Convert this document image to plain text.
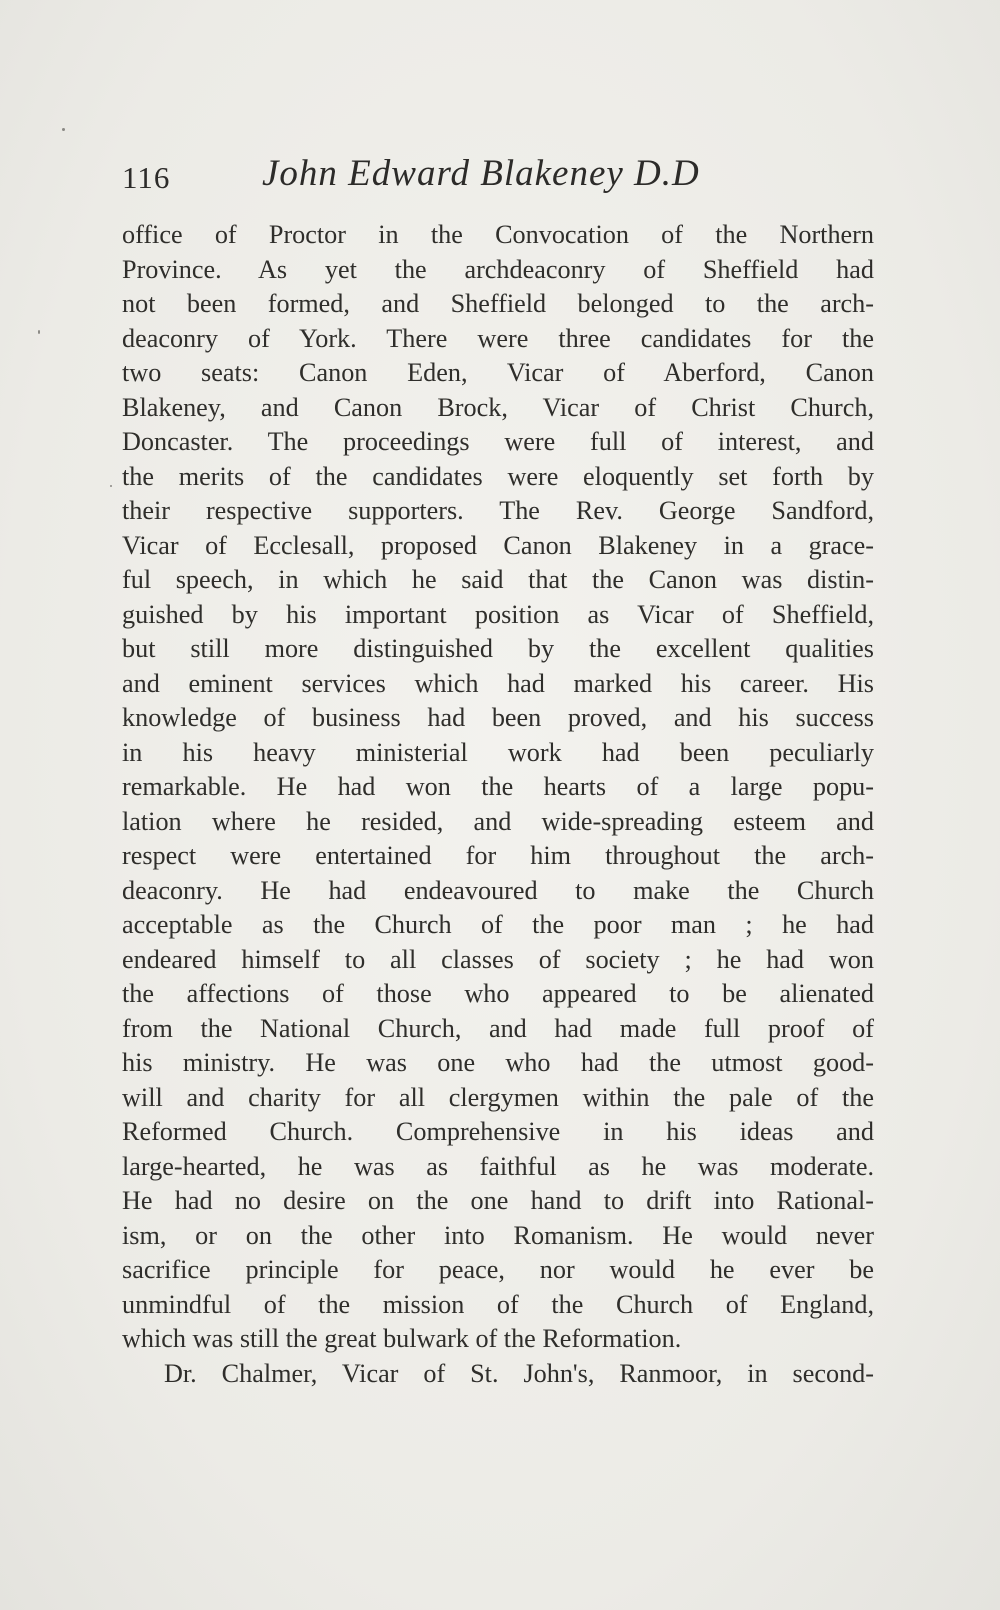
116 John Edward Blakeney D.D
office of Proctor in the Convocation of the Northern
Province. As yet the archdeaconry of Sheffield had
not been formed, and Sheffield belonged to the arch-
deaconry of York. There were three candidates for the
two seats: Canon Eden, Vicar of Aberford, Canon
Blakeney, and Canon Brock, Vicar of Christ Church,
Doncaster. The proceedings were full of interest, and
the merits of the candidates were eloquently set forth by
their respective supporters. The Rev. George Sandford,
Vicar of Ecclesall, proposed Canon Blakeney in a grace-
ful speech, in which he said that the Canon was distin-
guished by his important position as Vicar of Sheffield,
but still more distinguished by the excellent qualities
and eminent services which had marked his career. His
knowledge of business had been proved, and his success
in his heavy ministerial work had been peculiarly
remarkable. He had won the hearts of a large popu-
lation where he resided, and wide-spreading esteem and
respect were entertained for him throughout the arch-
deaconry. He had endeavoured to make the Church
acceptable as the Church of the poor man ; he had
endeared himself to all classes of society ; he had won
the affections of those who appeared to be alienated
from the National Church, and had made full proof of
his ministry. He was one who had the utmost good-
will and charity for all clergymen within the pale of the
Reformed Church. Comprehensive in his ideas and
large-hearted, he was as faithful as he was moderate.
He had no desire on the one hand to drift into Rational-
ism, or on the other into Romanism. He would never
sacrifice principle for peace, nor would he ever be
unmindful of the mission of the Church of England,
which was still the great bulwark of the Reformation.
Dr. Chalmer, Vicar of St. John's, Ranmoor, in second-
